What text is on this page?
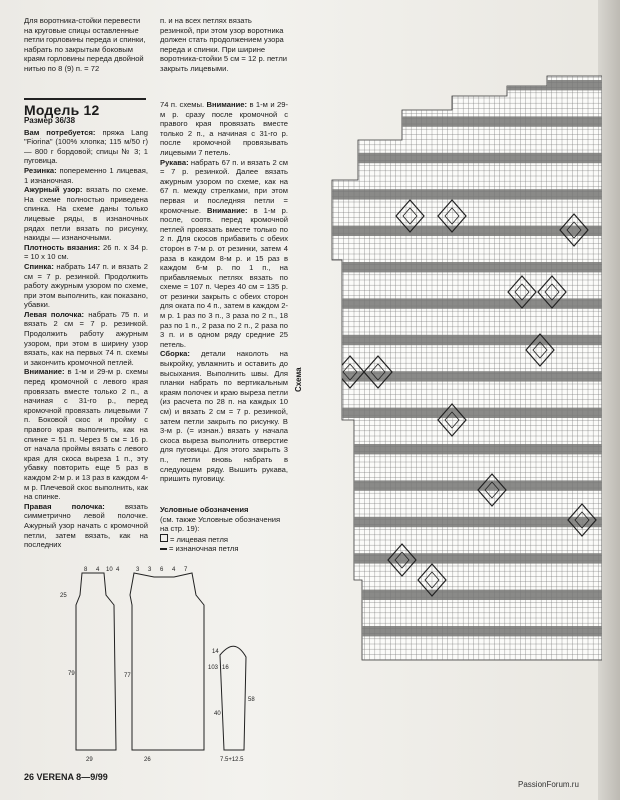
Для воротника-стойки перевести на круговые спицы оставленные петли горловины переда и спинки, набрать по закрытым боковым краям горловины переда двойной нитью по 8 (9) п. = 72
п. и на всех петлях вязать резинкой, при этом узор воротника должен стать продолжением узора переда и спинки. При ширине воротника-стойки 5 см = 12 р. петли закрыть лицевыми.
Модель 12
Размер 36/38

Вам потребуется: пряжа Lang "Fiorina" (100% хлопка; 115 м/50 г) — 800 г бордовой; спицы № 3; 1 пуговица.

Резинка: попеременно 1 лицевая, 1 изнаночная.

Ажурный узор: вязать по схеме. На схеме полностью приведена спинка. На схеме даны только лицевые ряды, в изнаночных рядах петли вязать по рисунку, накиды — изнаночными.

Плотность вязания: 26 п. х 34 р. = 10 х 10 см.

Спинка: набрать 147 п. и вязать 2 см = 7 р. резинкой. Продолжить работу ажурным узором по схеме, при этом выполнить, как показано, убавки.

Левая полочка: набрать 75 п. и вязать 2 см = 7 р. резинкой. Продолжить работу ажурным узором, при этом в ширину узор вязать, как на первых 74 п. схемы и закончить кромочной петлей.

Внимание: в 1-м и 29-м р. схемы перед кромочной с левого края провязать вместе только 2 п., а начиная с 31-го р., перед кромочной провязать лицевыми 7 п. Боковой скос и пройму с правого края выполнить, как на спинке = 51 п. Через 5 см = 16 р. от начала проймы вязать с левого края для скоса выреза 1 п., эту убавку повторить еще 5 раз в каждом 2-м р. и 13 раз в каждом 4-м р. Плечевой скос выполнить, как на спинке.

Правая полочка: вязать симметрично левой полочке. Ажурный узор начать с кромочной петли, затем вязать, как на последних

74 п. схемы. Внимание: в 1-м и 29-м р. сразу после кромочной с правого края провязать вместе только 2 п., а начиная с 31-го р. после кромочной провязывать лицевыми 7 петель.

Рукава: набрать 67 п. и вязать 2 см = 7 р. резинкой. Далее вязать ажурным узором по схеме, как на 67 п. между стрелками, при этом первая и последняя петли = кромочные. Внимание: в 1-м р. после, соотв. перед кромочной петлей провязать вместе только по 2 п. Для скосов прибавить с обеих сторон в 7-м р. от резинки, затем 4 раза в каждом 8-м р. и 15 раз в каждом 6-м р. по 1 п., на прибавляемых петлях вязать по схеме = 107 п. Через 40 см = 135 р. от резинки закрыть с обеих сторон для оката по 4 п., затем в каждом 2-м р. 1 раз по 3 п., 3 раза по 2 п., 18 раз по 1 п., 2 раза по 2 п., 2 раза по 3 п. и в одном ряду средние 25 петель.

Сборка: детали наколоть на выкройку, увлажнить и оставить до высыхания. Выполнить швы. Для планки набрать по вертикальным краям полочек и краю выреза петли (из расчета по 28 п. на каждых 10 см) и вязать 2 см = 7 р. резинкой, затем петли закрыть по рисунку. В 3-м р. (= изнан.) вязать у начала скоса выреза выполнить отверстие для пуговицы. Для этого закрыть 3 п., петли вновь набрать в следующем ряду. Вышить рукава, пришить пуговицу.

Условные обозначения
(см. также Условные обозначения на стр. 19):
= лицевая петля
= изнаночная петля
8 4 10 4	3 3 6 4 7
79	77
103
29	26
25
16
14
40
58
7.5+12.5
Схема
26 VERENA 8—9/99
PassionForum.ru
